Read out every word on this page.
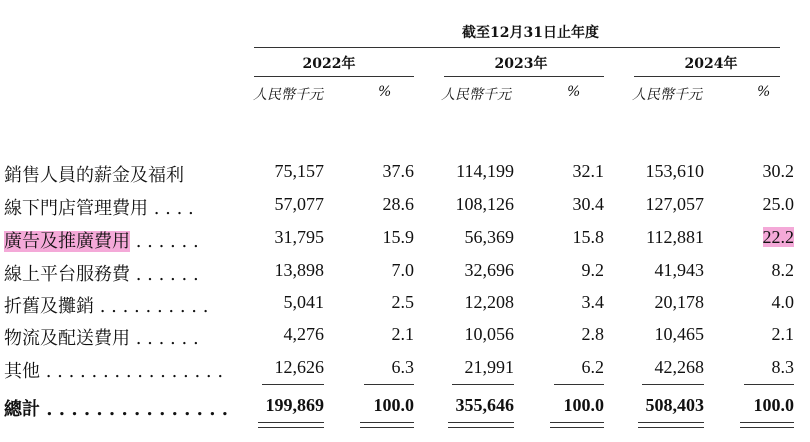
截至12月31日止年度
2022年	2023年	2024年
人民幣千元	%	人民幣千元	%	人民幣千元	%
銷售人員的薪金及福利	75,157	37.6	114,199	32.1	153,610	30.2
線下門店管理費用 . . . .	57,077	28.6	108,126	30.4	127,057	25.0
廣告及推廣費用 . . . . . .	31,795	15.9	56,369	15.8	112,881	22.2
線上平台服務費 . . . . . .	13,898	7.0	32,696	9.2	41,943	8.2
折舊及攤銷 . . . . . . . . . .	5,041	2.5	12,208	3.4	20,178	4.0
物流及配送費用 . . . . . .	4,276	2.1	10,056	2.8	10,465	2.1
其他 . . . . . . . . . . . . . . . .	12,626	6.3	21,991	6.2	42,268	8.3
總計 . . . . . . . . . . . . . . .	199,869	100.0	355,646	100.0	508,403	100.0
